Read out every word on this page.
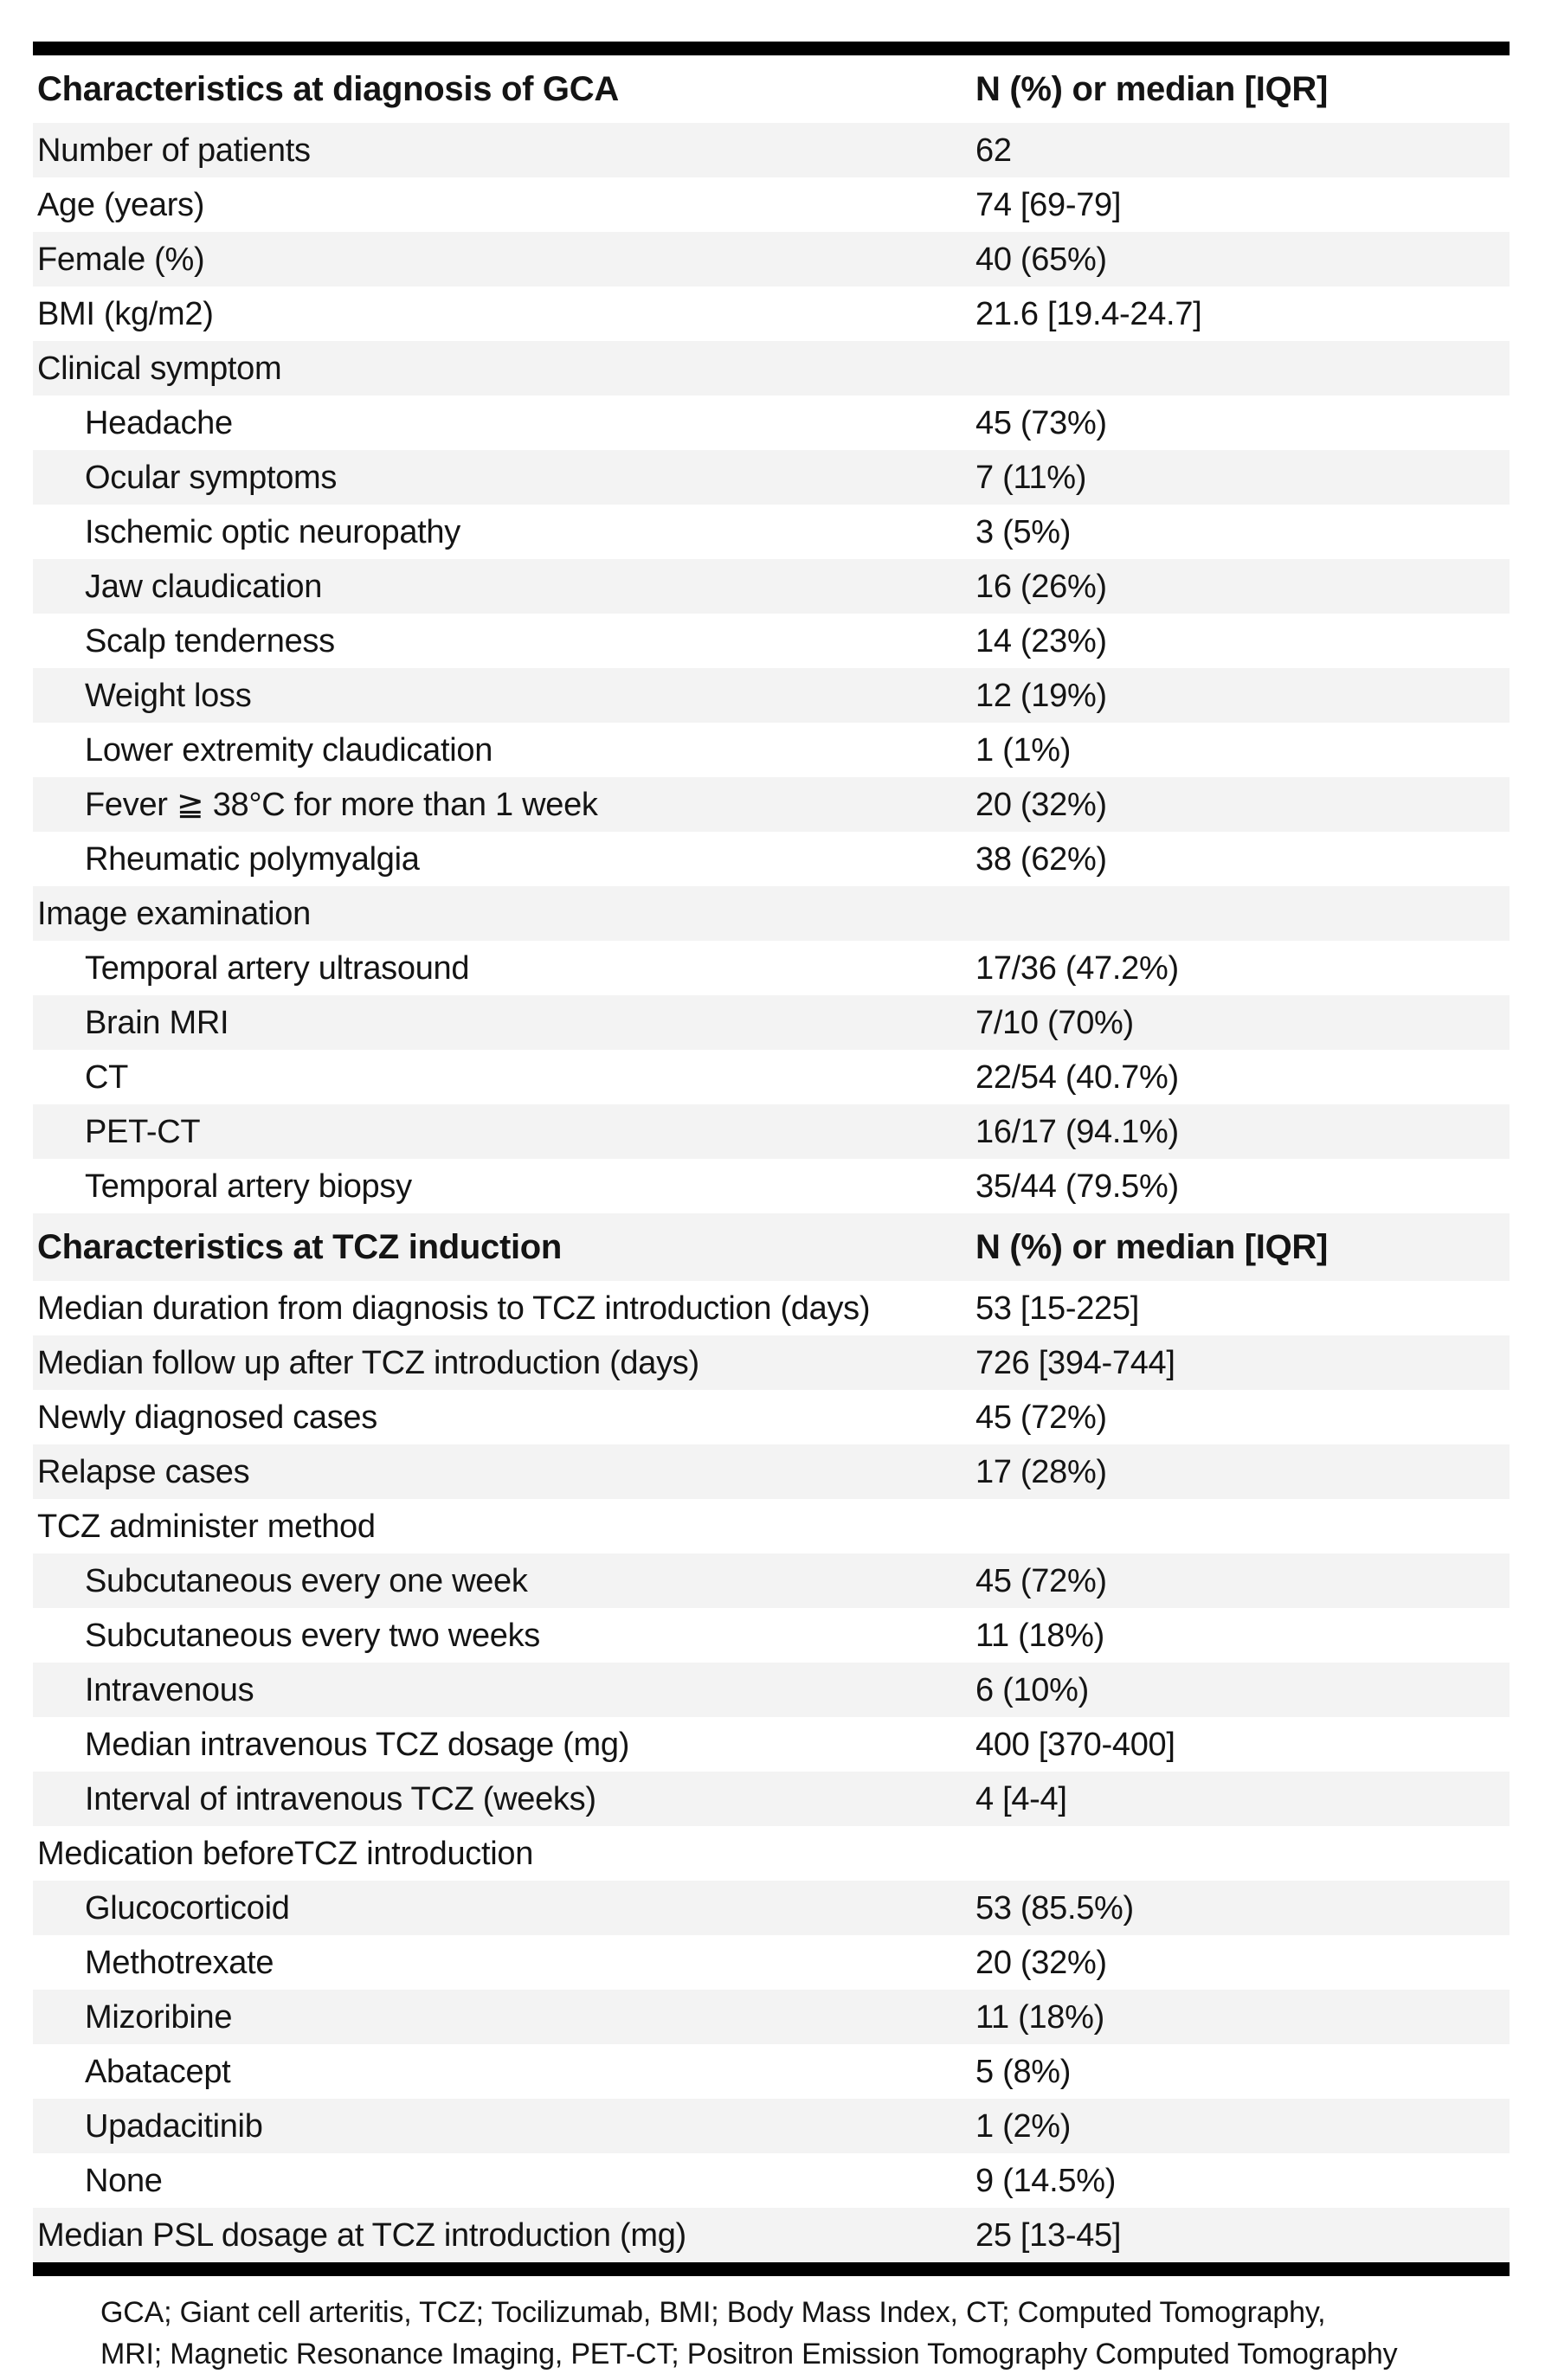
Characteristics at diagnosis of GCA	N (%) or median [IQR]
Number of patients	62
Age (years)	74 [69-79]
Female (%)	40 (65%)
BMI (kg/m2)	21.6 [19.4-24.7]
Clinical symptom
Headache	45 (73%)
Ocular symptoms	7 (11%)
Ischemic optic neuropathy	3 (5%)
Jaw claudication	16 (26%)
Scalp tenderness	14 (23%)
Weight loss	12 (19%)
Lower extremity claudication	1 (1%)
Fever ≧ 38°C for more than 1 week	20 (32%)
Rheumatic polymyalgia	38 (62%)
Image examination
Temporal artery ultrasound	17/36 (47.2%)
Brain MRI	7/10 (70%)
CT	22/54 (40.7%)
PET-CT	16/17 (94.1%)
Temporal artery biopsy	35/44 (79.5%)
Characteristics at TCZ induction	N (%) or median [IQR]
Median duration from diagnosis to TCZ introduction (days)	53 [15-225]
Median follow up after TCZ introduction (days)	726 [394-744]
Newly diagnosed cases	45 (72%)
Relapse cases	17 (28%)
TCZ administer method
Subcutaneous every one week	45 (72%)
Subcutaneous every two weeks	11 (18%)
Intravenous	6 (10%)
Median intravenous TCZ dosage (mg)	400 [370-400]
Interval of intravenous TCZ (weeks)	4 [4-4]
Medication beforeTCZ introduction
Glucocorticoid	53 (85.5%)
Methotrexate	20 (32%)
Mizoribine	11 (18%)
Abatacept	5 (8%)
Upadacitinib	1 (2%)
None	9 (14.5%)
Median PSL dosage at TCZ introduction (mg)	25 [13-45]
GCA; Giant cell arteritis, TCZ; Tocilizumab, BMI; Body Mass Index, CT; Computed Tomography,
MRI; Magnetic Resonance Imaging, PET-CT; Positron Emission Tomography Computed Tomography
